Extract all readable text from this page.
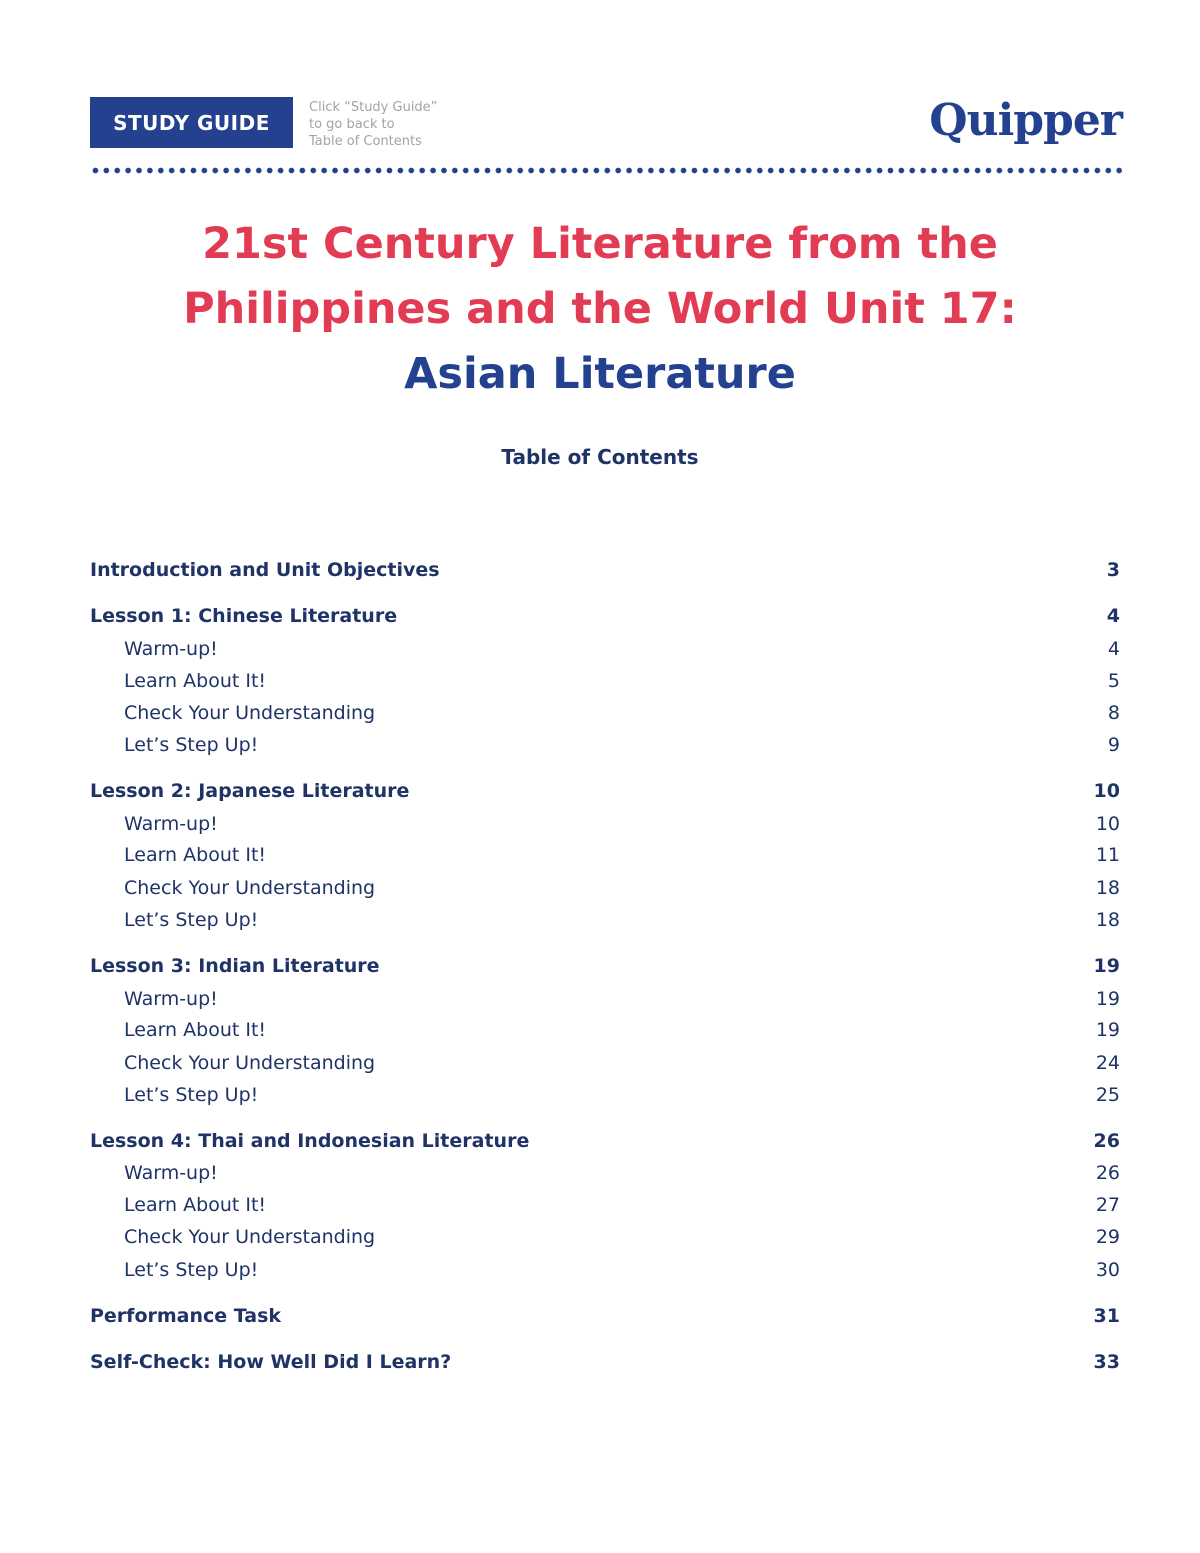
STUDY GUIDE
Click “Study Guide”
to go back to
Table of Contents	Quipper
21st Century Literature from the
Philippines and the World Unit 17:
Asian Literature
Table of Contents
Introduction and Unit Objectives	3
Lesson 1: Chinese Literature	4
Warm-up!	4
Learn About It!	5
Check Your Understanding	8
Let’s Step Up!	9
Lesson 2: Japanese Literature	10
Warm-up!	10
Learn About It!	11
Check Your Understanding	18
Let’s Step Up!	18
Lesson 3: Indian Literature	19
Warm-up!	19
Learn About It!	19
Check Your Understanding	24
Let’s Step Up!	25
Lesson 4: Thai and Indonesian Literature	26
Warm-up!	26
Learn About It!	27
Check Your Understanding	29
Let’s Step Up!	30
Performance Task	31
Self-Check: How Well Did I Learn?	33
